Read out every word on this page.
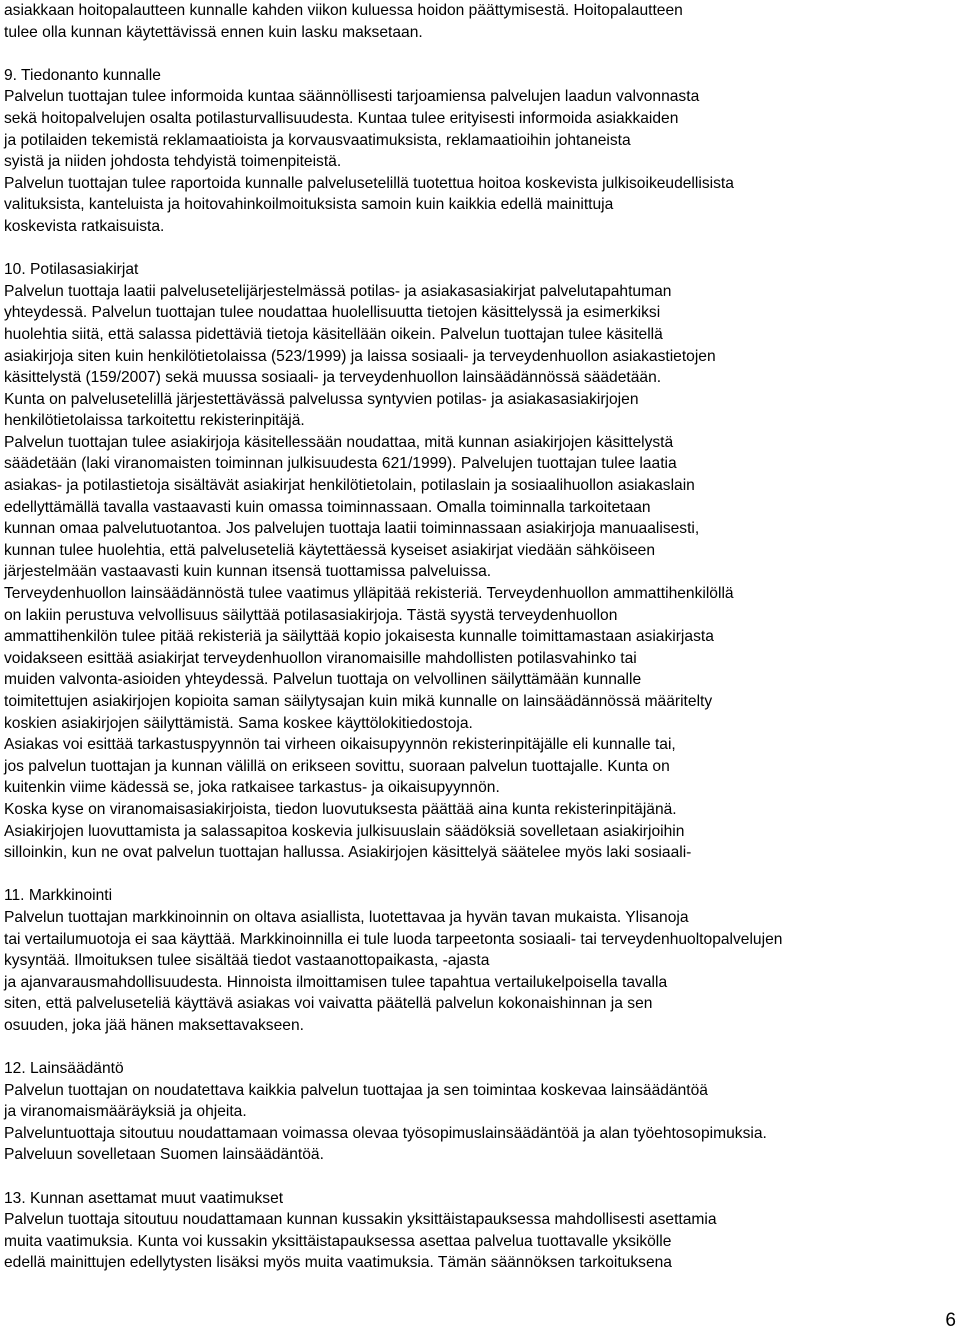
asiakkaan hoitopalautteen kunnalle kahden viikon kuluessa hoidon päättymisestä. Hoitopalautteen
tulee olla kunnan käytettävissä ennen kuin lasku maksetaan.
9. Tiedonanto kunnalle
Palvelun tuottajan tulee informoida kuntaa säännöllisesti tarjoamiensa palvelujen laadun valvonnasta
sekä hoitopalvelujen osalta potilasturvallisuudesta. Kuntaa tulee erityisesti informoida asiakkaiden
ja potilaiden tekemistä reklamaatioista ja korvausvaatimuksista, reklamaatioihin johtaneista
syistä ja niiden johdosta tehdyistä toimenpiteistä.
Palvelun tuottajan tulee raportoida kunnalle palvelusetelillä tuotettua hoitoa koskevista julkisoikeudellisista
valituksista, kanteluista ja hoitovahinkoilmoituksista samoin kuin kaikkia edellä mainittuja
koskevista ratkaisuista.
10. Potilasasiakirjat
Palvelun tuottaja laatii palvelusetelijärjestelmässä potilas- ja asiakasasiakirjat palvelutapahtuman
yhteydessä. Palvelun tuottajan tulee noudattaa huolellisuutta tietojen käsittelyssä ja esimerkiksi
huolehtia siitä, että salassa pidettäviä tietoja käsitellään oikein. Palvelun tuottajan tulee käsitellä
asiakirjoja siten kuin henkilötietolaissa (523/1999) ja laissa sosiaali- ja terveydenhuollon asiakastietojen
käsittelystä (159/2007) sekä muussa sosiaali- ja terveydenhuollon lainsäädännössä säädetään.
Kunta on palvelusetelillä järjestettävässä palvelussa syntyvien potilas- ja asiakasasiakirjojen
henkilötietolaissa tarkoitettu rekisterinpitäjä.
Palvelun tuottajan tulee asiakirjoja käsitellessään noudattaa, mitä kunnan asiakirjojen käsittelystä
säädetään (laki viranomaisten toiminnan julkisuudesta 621/1999). Palvelujen tuottajan tulee laatia
asiakas- ja potilastietoja sisältävät asiakirjat henkilötietolain, potilaslain ja sosiaalihuollon asiakaslain
edellyttämällä tavalla vastaavasti kuin omassa toiminnassaan. Omalla toiminnalla tarkoitetaan
kunnan omaa palvelutuotantoa. Jos palvelujen tuottaja laatii toiminnassaan asiakirjoja manuaalisesti,
kunnan tulee huolehtia, että palveluseteliä käytettäessä kyseiset asiakirjat viedään sähköiseen
järjestelmään vastaavasti kuin kunnan itsensä tuottamissa palveluissa.
Terveydenhuollon lainsäädännöstä tulee vaatimus ylläpitää rekisteriä. Terveydenhuollon ammattihenkilöllä
on lakiin perustuva velvollisuus säilyttää potilasasiakirjoja. Tästä syystä terveydenhuollon
ammattihenkilön tulee pitää rekisteriä ja säilyttää kopio jokaisesta kunnalle toimittamastaan asiakirjasta
voidakseen esittää asiakirjat terveydenhuollon viranomaisille mahdollisten potilasvahinko tai
muiden valvonta-asioiden yhteydessä. Palvelun tuottaja on velvollinen säilyttämään kunnalle
toimitettujen asiakirjojen kopioita saman säilytysajan kuin mikä kunnalle on lainsäädännössä määritelty
koskien asiakirjojen säilyttämistä. Sama koskee käyttölokitiedostoja.
Asiakas voi esittää tarkastuspyynnön tai virheen oikaisupyynnön rekisterinpitäjälle eli kunnalle tai,
jos palvelun tuottajan ja kunnan välillä on erikseen sovittu, suoraan palvelun tuottajalle. Kunta on
kuitenkin viime kädessä se, joka ratkaisee tarkastus- ja oikaisupyynnön.
Koska kyse on viranomaisasiakirjoista, tiedon luovutuksesta päättää aina kunta rekisterinpitäjänä.
Asiakirjojen luovuttamista ja salassapitoa koskevia julkisuuslain säädöksiä sovelletaan asiakirjoihin
silloinkin, kun ne ovat palvelun tuottajan hallussa. Asiakirjojen käsittelyä säätelee myös laki sosiaali-
11. Markkinointi
Palvelun tuottajan markkinoinnin on oltava asiallista, luotettavaa ja hyvän tavan mukaista. Ylisanoja
tai vertailumuotoja ei saa käyttää. Markkinoinnilla ei tule luoda tarpeetonta sosiaali- tai terveydenhuoltopalvelujen
kysyntää. Ilmoituksen tulee sisältää tiedot vastaanottopaikasta, -ajasta
ja ajanvarausmahdollisuudesta. Hinnoista ilmoittamisen tulee tapahtua vertailukelpoisella tavalla
siten, että palveluseteliä käyttävä asiakas voi vaivatta päätellä palvelun kokonaishinnan ja sen
osuuden, joka jää hänen maksettavakseen.
12. Lainsäädäntö
Palvelun tuottajan on noudatettava kaikkia palvelun tuottajaa ja sen toimintaa koskevaa lainsäädäntöä
ja viranomaismääräyksiä ja ohjeita.
Palveluntuottaja sitoutuu noudattamaan voimassa olevaa työsopimuslainsäädäntöä ja alan työehtosopimuksia.
Palveluun sovelletaan Suomen lainsäädäntöä.
13. Kunnan asettamat muut vaatimukset
Palvelun tuottaja sitoutuu noudattamaan kunnan kussakin yksittäistapauksessa mahdollisesti asettamia
muita vaatimuksia. Kunta voi kussakin yksittäistapauksessa asettaa palvelua tuottavalle yksikölle
edellä mainittujen edellytysten lisäksi myös muita vaatimuksia. Tämän säännöksen tarkoituksena
6
